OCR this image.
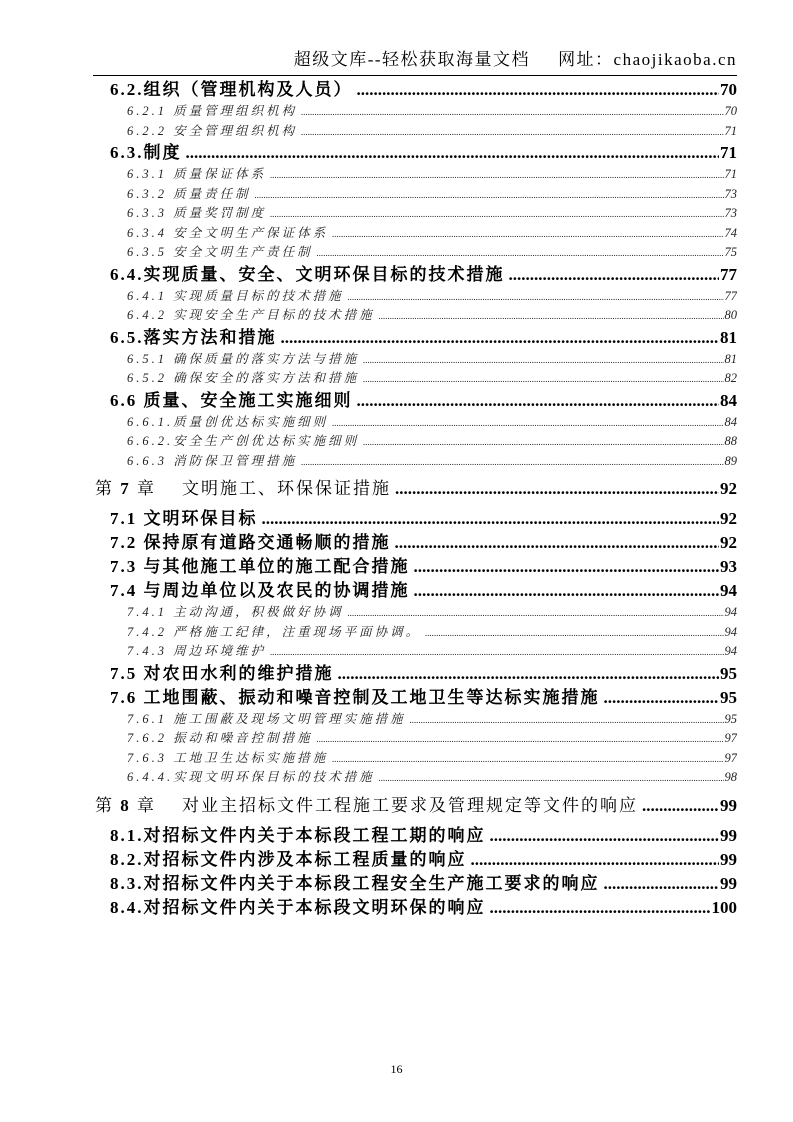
超级文库--轻松获取海量文档 网址：chaojikaoba.cn
6.2.组织（管理机构及人员） .....	70
6.2.1 质量管理组织机构 .....	70
6.2.2 安全管理组织机构 .....	71
6.3.制度 .....	71
6.3.1 质量保证体系 .....	71
6.3.2 质量责任制 .....	73
6.3.3 质量奖罚制度 .....	73
6.3.4 安全文明生产保证体系 .....	74
6.3.5 安全文明生产责任制 .....	75
6.4.实现质量、安全、文明环保目标的技术措施 .....	77
6.4.1 实现质量目标的技术措施 .....	77
6.4.2 实现安全生产目标的技术措施 .....	80
6.5.落实方法和措施 .....	81
6.5.1 确保质量的落实方法与措施 .....	81
6.5.2 确保安全的落实方法和措施 .....	82
6.6 质量、安全施工实施细则 .....	84
6.6.1.质量创优达标实施细则 .....	84
6.6.2.安全生产创优达标实施细则 .....	88
6.6.3 消防保卫管理措施 .....	89
第 7 章 文明施工、环保保证措施 .....	92
7.1 文明环保目标 .....	92
7.2 保持原有道路交通畅顺的措施 .....	92
7.3 与其他施工单位的施工配合措施 .....	93
7.4 与周边单位以及农民的协调措施 .....	94
7.4.1 主动沟通，积极做好协调 .....	94
7.4.2 严格施工纪律，注重现场平面协调。 .....	94
7.4.3 周边环境维护 .....	94
7.5 对农田水利的维护措施 .....	95
7.6 工地围蔽、振动和噪音控制及工地卫生等达标实施措施 .....	95
7.6.1 施工围蔽及现场文明管理实施措施 .....	95
7.6.2 振动和噪音控制措施 .....	97
7.6.3 工地卫生达标实施措施 .....	97
6.4.4.实现文明环保目标的技术措施 .....	98
第 8 章 对业主招标文件工程施工要求及管理规定等文件的响应 .....	99
8.1.对招标文件内关于本标段工程工期的响应 .....	99
8.2.对招标文件内涉及本标工程质量的响应 .....	99
8.3.对招标文件内关于本标段工程安全生产施工要求的响应 .....	99
8.4.对招标文件内关于本标段文明环保的响应 .....	100
16
